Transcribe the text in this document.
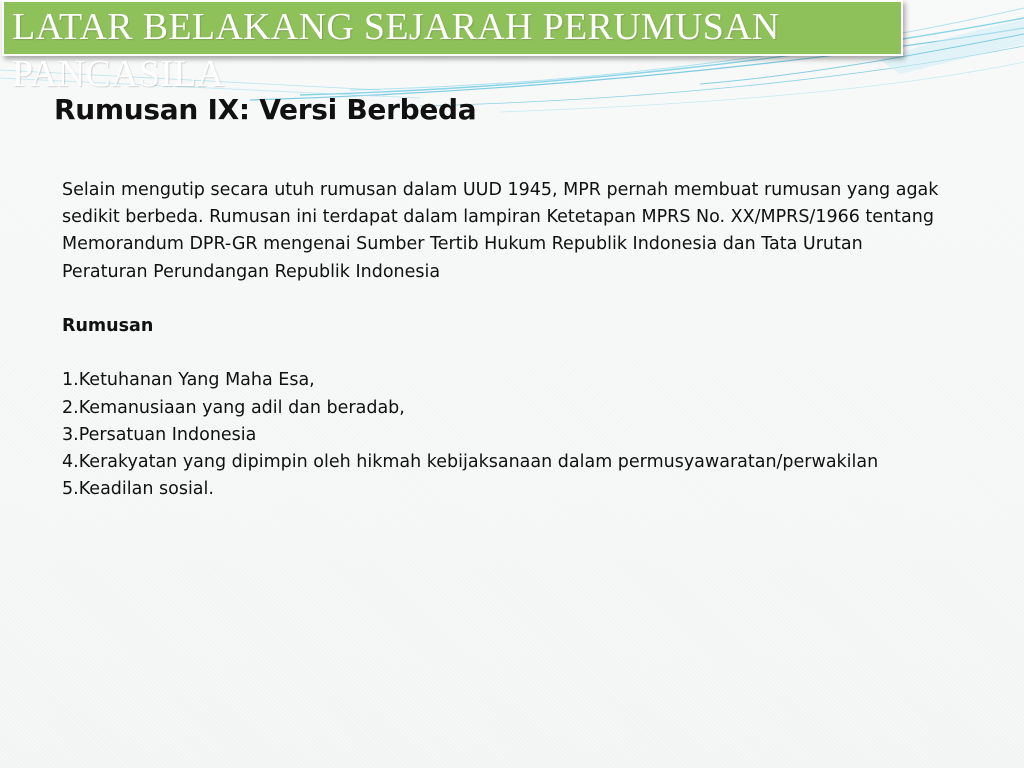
LATAR BELAKANG SEJARAH PERUMUSAN PANCASILA
Rumusan IX: Versi Berbeda

Selain mengutip secara utuh rumusan dalam UUD 1945, MPR pernah membuat rumusan yang agak sedikit berbeda. Rumusan ini terdapat dalam lampiran Ketetapan MPRS No. XX/MPRS/1966 tentang Memorandum DPR-GR mengenai Sumber Tertib Hukum Republik Indonesia dan Tata Urutan Peraturan Perundangan Republik Indonesia

Rumusan

1.Ketuhanan Yang Maha Esa,
2.Kemanusiaan yang adil dan beradab,
3.Persatuan Indonesia
4.Kerakyatan yang dipimpin oleh hikmah kebijaksanaan dalam permusyawaratan/perwakilan
5.Keadilan sosial.
